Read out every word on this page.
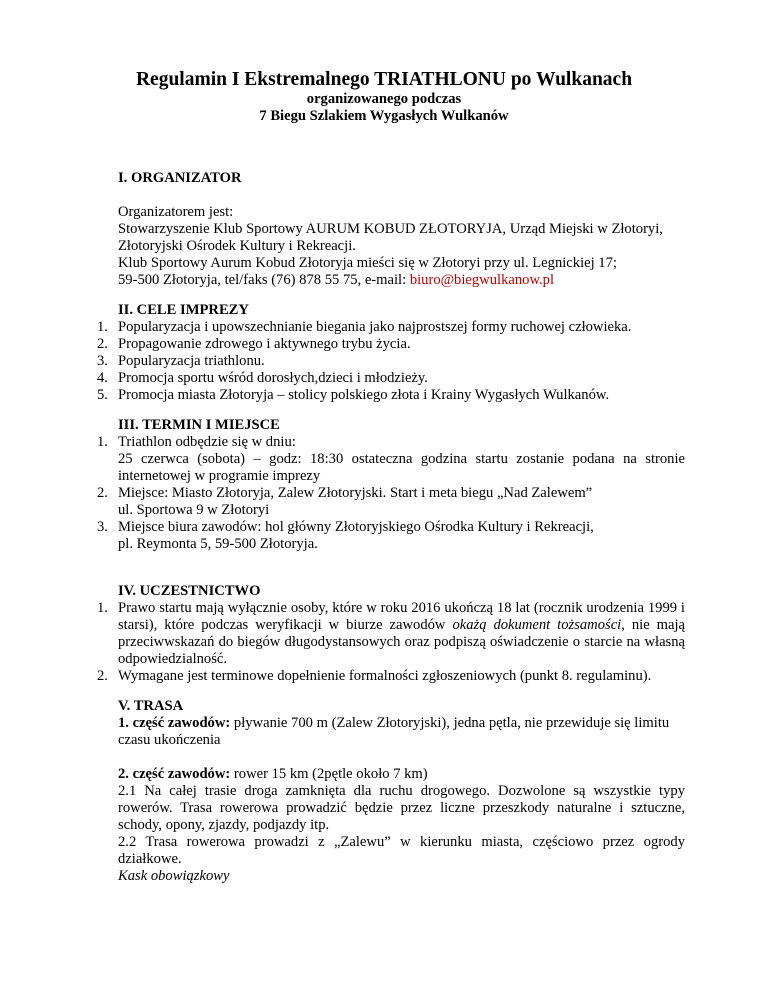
Regulamin I Ekstremalnego TRIATHLONU po Wulkanach
organizowanego podczas
7 Biegu Szlakiem Wygasłych Wulkanów
I. ORGANIZATOR
Organizatorem jest:
Stowarzyszenie Klub Sportowy AURUM KOBUD ZŁOTORYJA, Urząd Miejski w Złotoryi,
Złotoryjski Ośrodek Kultury i Rekreacji.
Klub Sportowy Aurum Kobud Złotoryja mieści się w Złotoryi przy ul. Legnickiej 17;
59-500 Złotoryja, tel/faks (76) 878 55 75, e-mail: biuro@biegwulkanow.pl
II. CELE IMPREZY
1. Popularyzacja i upowszechnianie biegania jako najprostszej formy ruchowej człowieka.
2. Propagowanie zdrowego i aktywnego trybu życia.
3. Popularyzacja triathlonu.
4. Promocja sportu wśród dorosłych,dzieci i młodzieży.
5. Promocja miasta Złotoryja – stolicy polskiego złota i Krainy Wygasłych Wulkanów.
III. TERMIN I MIEJSCE
1. Triathlon odbędzie się w dniu:
25 czerwca (sobota) – godz: 18:30 ostateczna godzina startu zostanie podana na stronie internetowej w programie imprezy
2. Miejsce: Miasto Złotoryja, Zalew Złotoryjski. Start i meta biegu „Nad Zalewem”
ul. Sportowa 9 w Złotoryi
3. Miejsce biura zawodów: hol główny Złotoryjskiego Ośrodka Kultury i Rekreacji,
pl. Reymonta 5, 59-500 Złotoryja.
IV. UCZESTNICTWO
1. Prawo startu mają wyłącznie osoby, które w roku 2016 ukończą 18 lat (rocznik urodzenia 1999 i starsi), które podczas weryfikacji w biurze zawodów okażą dokument tożsamości, nie mają przeciwwskazań do biegów długodystansowych oraz podpiszą oświadczenie o starcie na własną odpowiedzialność.
2. Wymagane jest terminowe dopełnienie formalności zgłoszeniowych (punkt 8. regulaminu).
V. TRASA
1. część zawodów: pływanie 700 m (Zalew Złotoryjski), jedna pętla, nie przewiduje się limitu czasu ukończenia
2. część zawodów: rower 15 km (2pętle około 7 km)
2.1 Na całej trasie droga zamknięta dla ruchu drogowego. Dozwolone są wszystkie typy rowerów. Trasa rowerowa prowadzić będzie przez liczne przeszkody naturalne i sztuczne, schody, opony, zjazdy, podjazdy itp.
2.2 Trasa rowerowa prowadzi z „Zalewu” w kierunku miasta, częściowo przez ogrody działkowe.
Kask obowiązkowy
